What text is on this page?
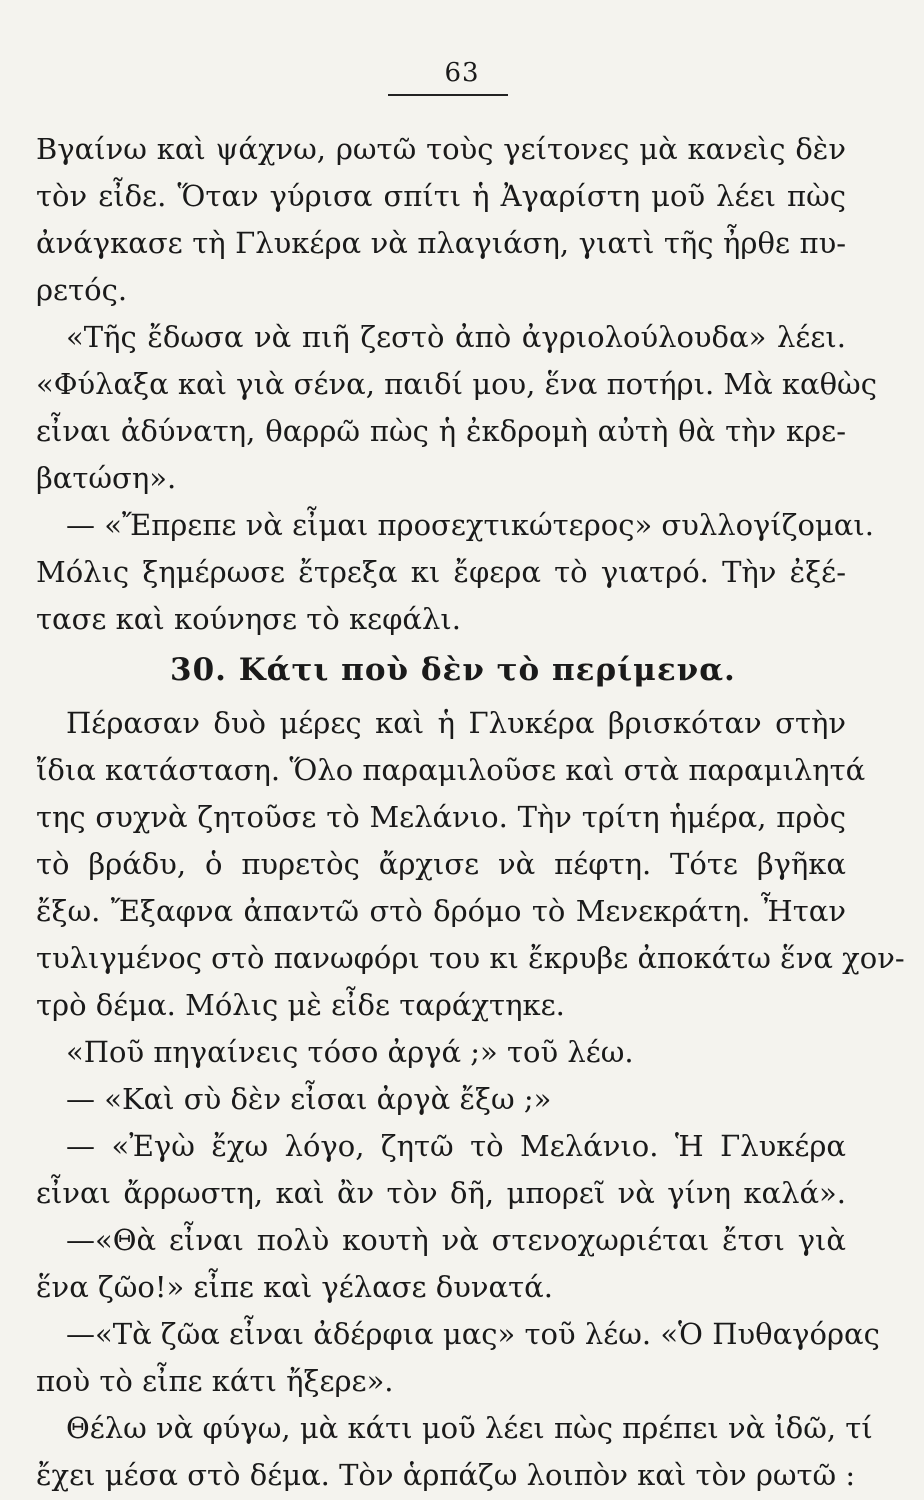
63
Βγαίνω καὶ ψάχνω, ρωτῶ τοὺς γείτονες μὰ κανεὶς δὲν
τὸν εἶδε. Ὅταν γύρισα σπίτι ἡ Ἀγαρίστη μοῦ λέει πὼς
ἀνάγκασε τὴ Γλυκέρα νὰ πλαγιάση, γιατὶ τῆς ἦρθε πυ-
ρετός.
«Τῆς ἔδωσα νὰ πιῆ ζεστὸ ἀπὸ ἀγριολούλουδα» λέει.
«Φύλαξα καὶ γιὰ σένα, παιδί μου, ἕνα ποτήρι. Μὰ καθὼς
εἶναι ἀδύνατη, θαρρῶ πὼς ἡ ἐκδρομὴ αὐτὴ θὰ τὴν κρε-
βατώση».
— «Ἔπρεπε νὰ εἶμαι προσεχτικώτερος» συλλογίζομαι.
Μόλις ξημέρωσε ἔτρεξα κι ἔφερα τὸ γιατρό. Τὴν ἐξέ-
τασε καὶ κούνησε τὸ κεφάλι.
30. Κάτι ποὺ δὲν τὸ περίμενα.
Πέρασαν δυὸ μέρες καὶ ἡ Γλυκέρα βρισκόταν στὴν
ἴδια κατάσταση. Ὅλο παραμιλοῦσε καὶ στὰ παραμιλητά
της συχνὰ ζητοῦσε τὸ Μελάνιο. Τὴν τρίτη ἡμέρα, πρὸς
τὸ βράδυ, ὁ πυρετὸς ἄρχισε νὰ πέφτη. Τότε βγῆκα
ἔξω. Ἔξαφνα ἀπαντῶ στὸ δρόμο τὸ Μενεκράτη. Ἦταν
τυλιγμένος στὸ πανωφόρι του κι ἔκρυβε ἀποκάτω ἕνα χον-
τρὸ δέμα. Μόλις μὲ εἶδε ταράχτηκε.
«Ποῦ πηγαίνεις τόσο ἀργά ;» τοῦ λέω.
— «Καὶ σὺ δὲν εἶσαι ἀργὰ ἔξω ;»
— «Ἐγὼ ἔχω λόγο, ζητῶ τὸ Μελάνιο. Ἡ Γλυκέρα
εἶναι ἄρρωστη, καὶ ἂν τὸν δῆ, μπορεῖ νὰ γίνη καλά».
—«Θὰ εἶναι πολὺ κουτὴ νὰ στενοχωριέται ἔτσι γιὰ
ἕνα ζῶο!» εἶπε καὶ γέλασε δυνατά.
—«Τὰ ζῶα εἶναι ἀδέρφια μας» τοῦ λέω. «Ὁ Πυθαγόρας
ποὺ τὸ εἶπε κάτι ἤξερε».
Θέλω νὰ φύγω, μὰ κάτι μοῦ λέει πὼς πρέπει νὰ ἰδῶ, τί
ἔχει μέσα στὸ δέμα. Τὸν ἁρπάζω λοιπὸν καὶ τὸν ρωτῶ :
